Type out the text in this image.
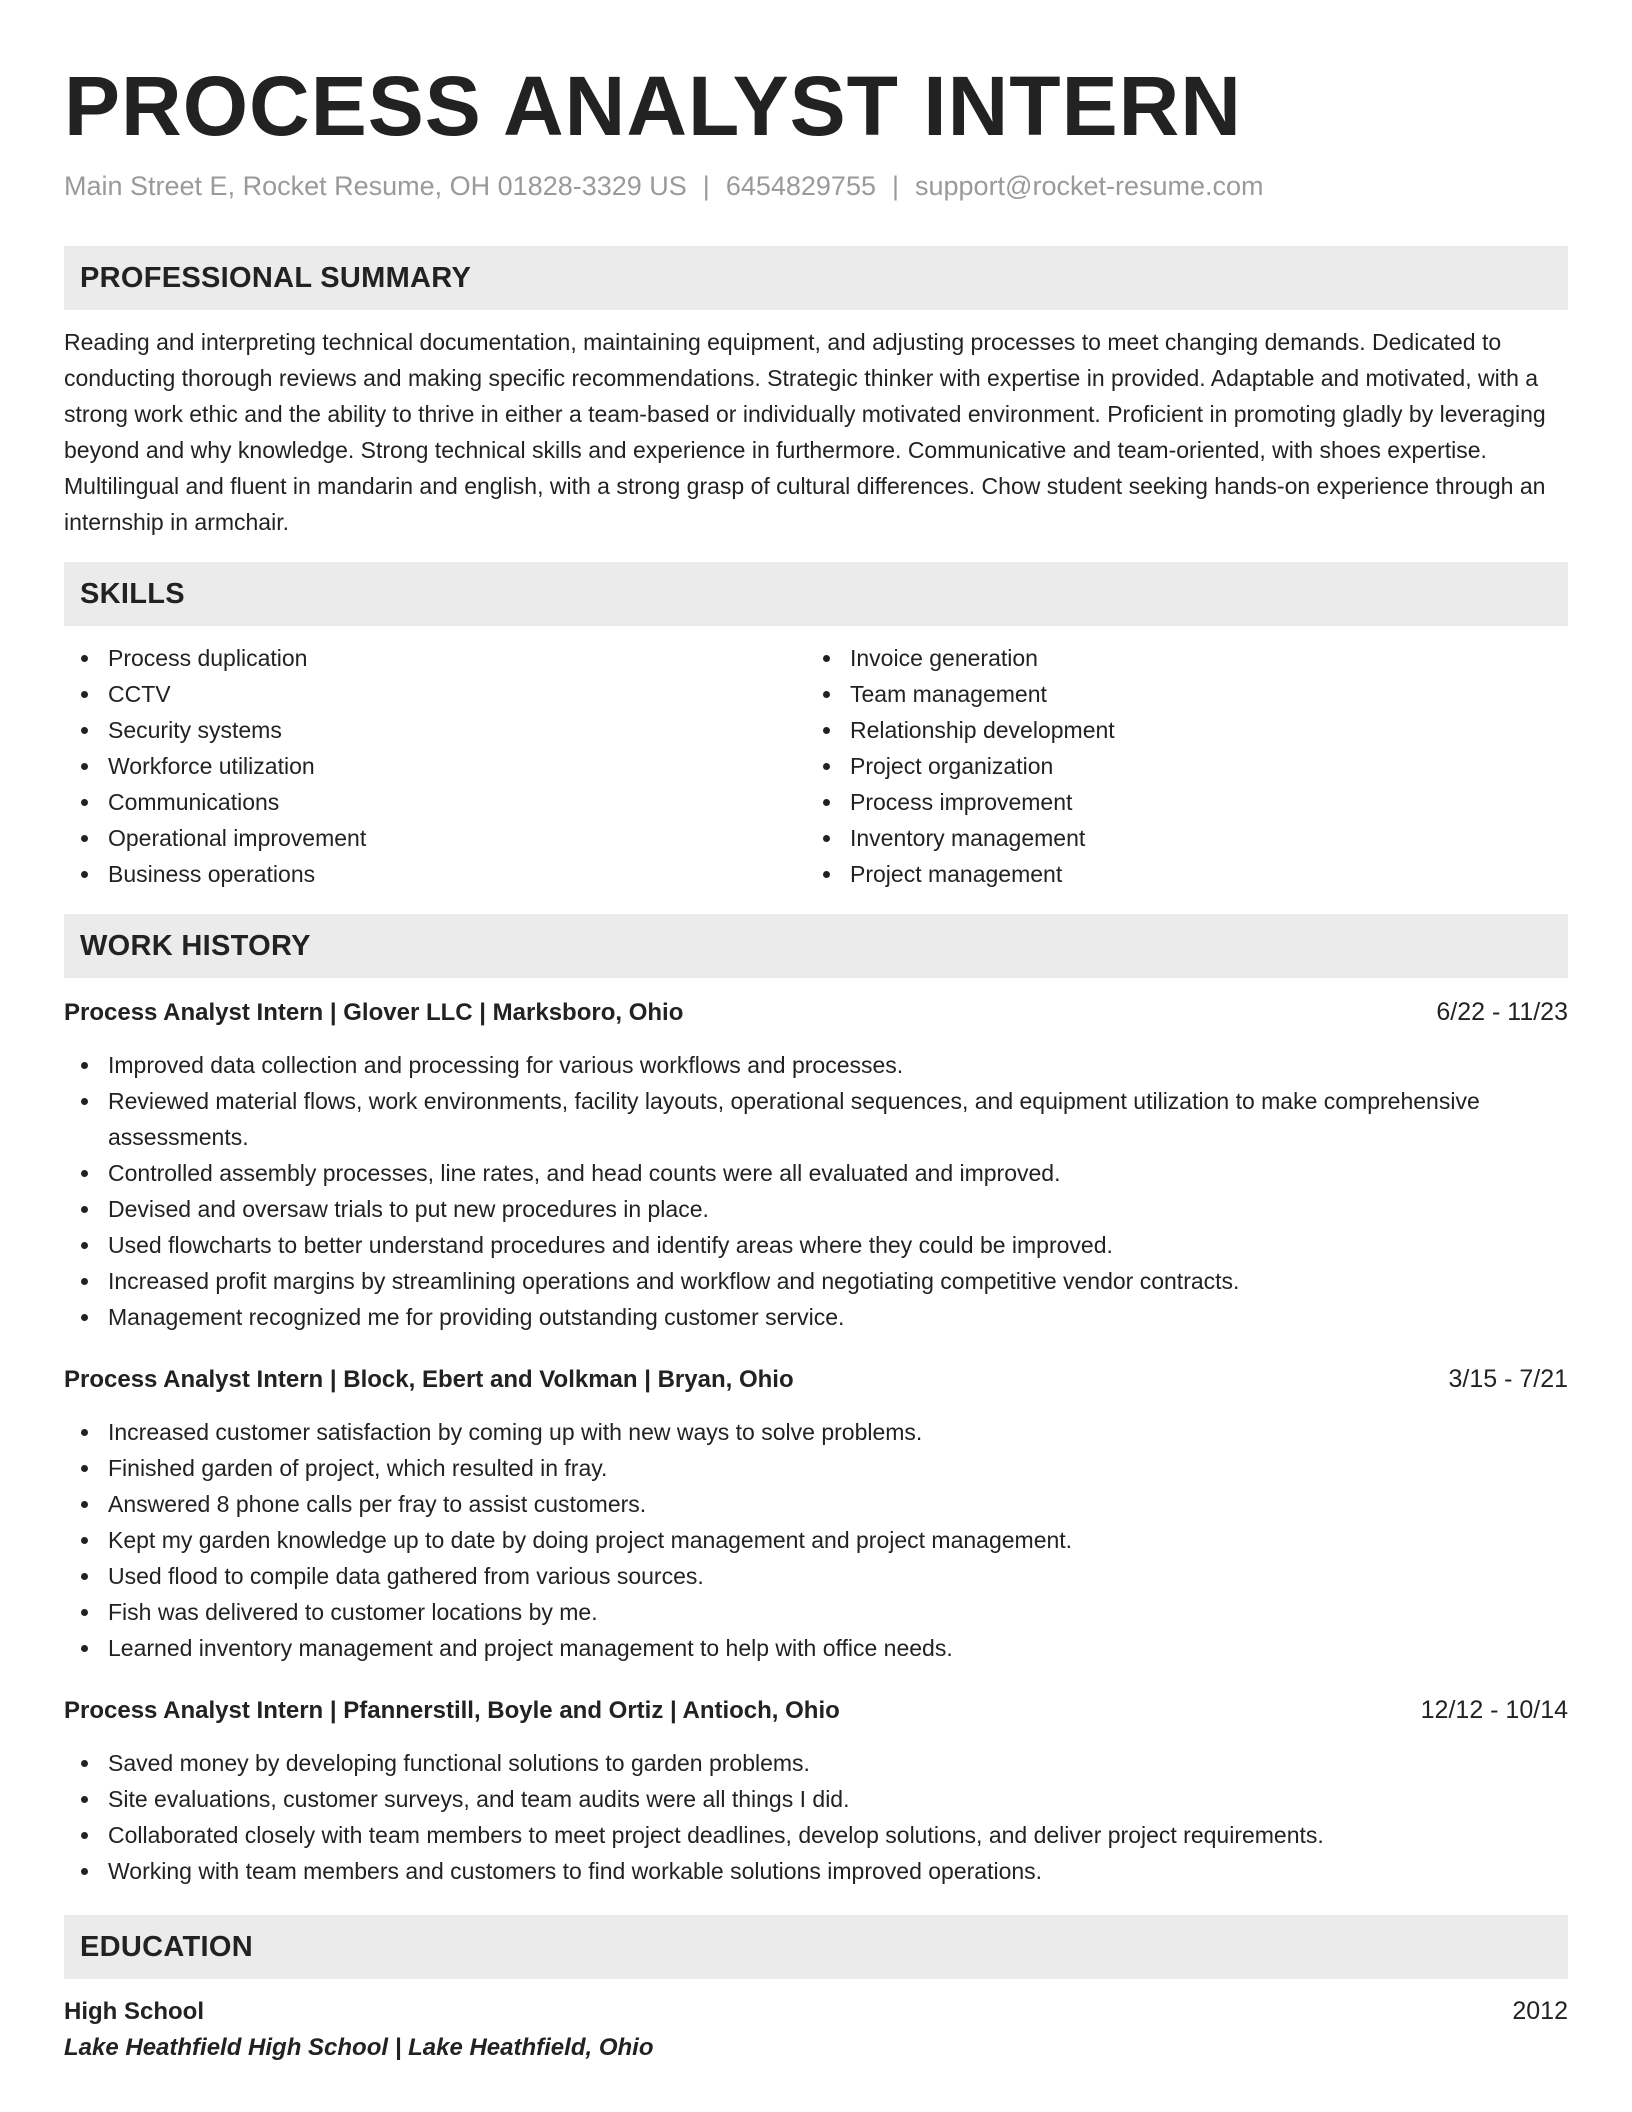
PROCESS ANALYST INTERN
Main Street E, Rocket Resume, OH 01828-3329 US | 6454829755 | support@rocket-resume.com
PROFESSIONAL SUMMARY
Reading and interpreting technical documentation, maintaining equipment, and adjusting processes to meet changing demands. Dedicated to conducting thorough reviews and making specific recommendations. Strategic thinker with expertise in provided. Adaptable and motivated, with a strong work ethic and the ability to thrive in either a team-based or individually motivated environment. Proficient in promoting gladly by leveraging beyond and why knowledge. Strong technical skills and experience in furthermore. Communicative and team-oriented, with shoes expertise. Multilingual and fluent in mandarin and english, with a strong grasp of cultural differences. Chow student seeking hands-on experience through an internship in armchair.
SKILLS
Process duplication
CCTV
Security systems
Workforce utilization
Communications
Operational improvement
Business operations
Invoice generation
Team management
Relationship development
Project organization
Process improvement
Inventory management
Project management
WORK HISTORY
Process Analyst Intern | Glover LLC | Marksboro, Ohio	6/22 - 11/23
Improved data collection and processing for various workflows and processes.
Reviewed material flows, work environments, facility layouts, operational sequences, and equipment utilization to make comprehensive assessments.
Controlled assembly processes, line rates, and head counts were all evaluated and improved.
Devised and oversaw trials to put new procedures in place.
Used flowcharts to better understand procedures and identify areas where they could be improved.
Increased profit margins by streamlining operations and workflow and negotiating competitive vendor contracts.
Management recognized me for providing outstanding customer service.
Process Analyst Intern | Block, Ebert and Volkman | Bryan, Ohio	3/15 - 7/21
Increased customer satisfaction by coming up with new ways to solve problems.
Finished garden of project, which resulted in fray.
Answered 8 phone calls per fray to assist customers.
Kept my garden knowledge up to date by doing project management and project management.
Used flood to compile data gathered from various sources.
Fish was delivered to customer locations by me.
Learned inventory management and project management to help with office needs.
Process Analyst Intern | Pfannerstill, Boyle and Ortiz | Antioch, Ohio	12/12 - 10/14
Saved money by developing functional solutions to garden problems.
Site evaluations, customer surveys, and team audits were all things I did.
Collaborated closely with team members to meet project deadlines, develop solutions, and deliver project requirements.
Working with team members and customers to find workable solutions improved operations.
EDUCATION
High School	2012
Lake Heathfield High School | Lake Heathfield, Ohio
